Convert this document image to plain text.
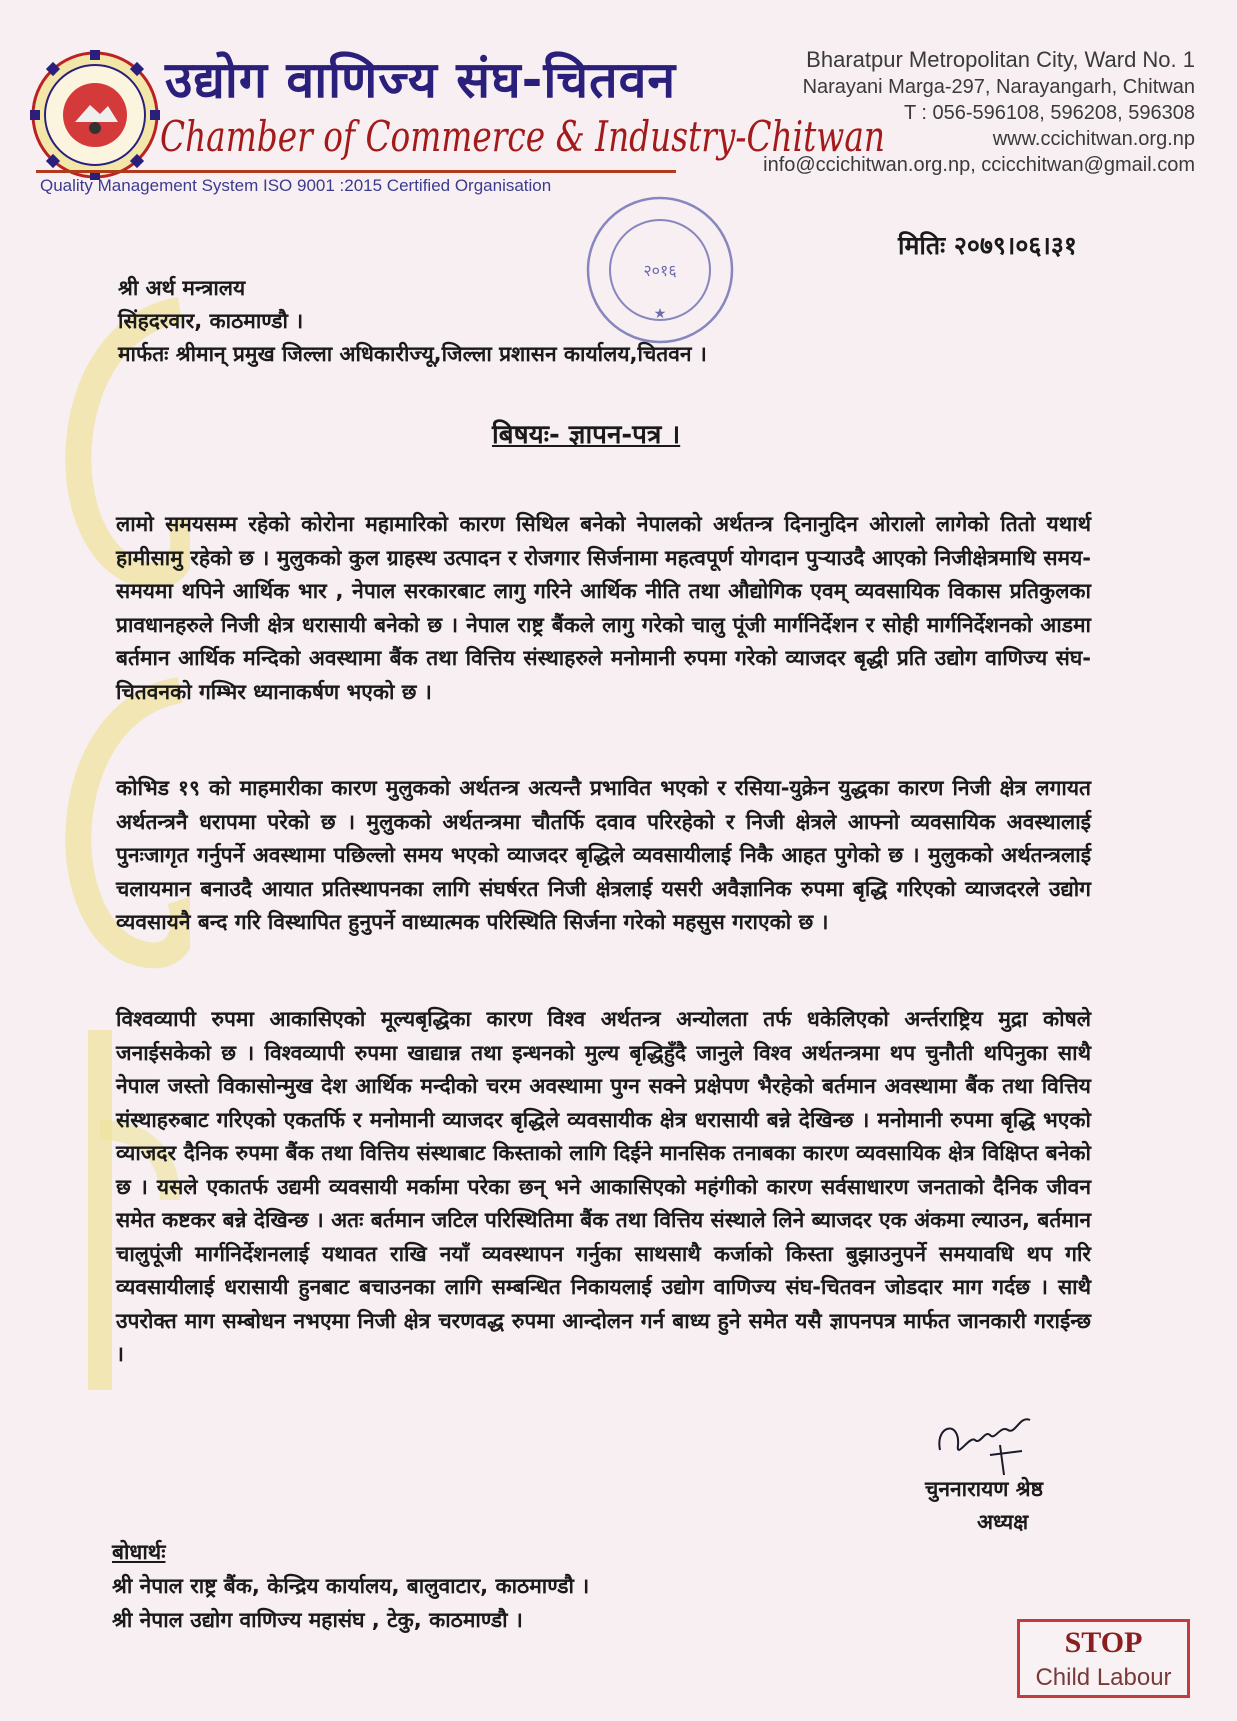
उद्योग वाणिज्य संघ-चितवन
Chamber of Commerce & Industry-Chitwan
Quality Management System ISO 9001 :2015 Certified Organisation
Bharatpur Metropolitan City, Ward No. 1
Narayani Marga-297, Narayangarh, Chitwan
T : 056-596108, 596208, 596308
www.ccichitwan.org.np
info@ccichitwan.org.np, ccicchitwan@gmail.com
२०१६
★
मितिः २०७९।०६।३१
श्री अर्थ मन्त्रालय
सिंहदरवार, काठमाण्डौ ।
मार्फतः श्रीमान् प्रमुख जिल्ला अधिकारीज्यू,जिल्ला प्रशासन कार्यालय,चितवन ।
बिषयः- ज्ञापन-पत्र ।
लामो समयसम्म रहेको कोरोना महामारिको कारण सिथिल बनेको नेपालको अर्थतन्त्र दिनानुदिन ओरालो लागेको तितो यथार्थ हामीसामु रहेको छ । मुलुकको कुल ग्राहस्थ उत्पादन र रोजगार सिर्जनामा महत्वपूर्ण योगदान पुऱ्याउदै आएको निजीक्षेत्रमाथि समय-समयमा थपिने आर्थिक भार , नेपाल सरकारबाट लागु गरिने आर्थिक नीति तथा औद्योगिक एवम् व्यवसायिक विकास प्रतिकुलका प्रावधानहरुले निजी क्षेत्र धरासायी बनेको छ । नेपाल राष्ट्र बैंकले लागु गरेको चालु पूंजी मार्गनिर्देशन र सोही मार्गनिर्देशनको आडमा बर्तमान आर्थिक मन्दिको अवस्थामा बैंक तथा वित्तिय संस्थाहरुले मनोमानी रुपमा गरेको व्याजदर बृद्धी प्रति उद्योग वाणिज्य संघ- चितवनको गम्भिर ध्यानाकर्षण भएको छ ।
कोभिड १९ को माहमारीका कारण मुलुकको अर्थतन्त्र अत्यन्तै प्रभावित भएको र रसिया-युक्रेन युद्धका कारण निजी क्षेत्र लगायत अर्थतन्त्रनै धरापमा परेको छ । मुलुकको अर्थतन्त्रमा चौतर्फि दवाव परिरहेको र निजी क्षेत्रले आफ्नो व्यवसायिक अवस्थालाई पुनःजागृत गर्नुपर्ने अवस्थामा पछिल्लो समय भएको व्याजदर बृद्धिले व्यवसायीलाई निकै आहत पुगेको छ । मुलुकको अर्थतन्त्रलाई चलायमान बनाउदै आयात प्रतिस्थापनका लागि संघर्षरत निजी क्षेत्रलाई यसरी अवैज्ञानिक रुपमा बृद्धि गरिएको व्याजदरले उद्योग व्यवसायनै बन्द गरि विस्थापित हुनुपर्ने वाध्यात्मक परिस्थिति सिर्जना गरेको महसुस गराएको छ ।
विश्वव्यापी रुपमा आकासिएको मूल्यबृद्धिका कारण विश्व अर्थतन्त्र अन्योलता तर्फ धकेलिएको अर्न्तराष्ट्रिय मुद्रा कोषले जनाईसकेको छ । विश्वव्यापी रुपमा खाद्यान्न तथा इन्धनको मुल्य बृद्धिहुँदै जानुले विश्व अर्थतन्त्रमा थप चुनौती थपिनुका साथै नेपाल जस्तो विकासोन्मुख देश आर्थिक मन्दीको चरम अवस्थामा पुग्न सक्ने प्रक्षेपण भैरहेको बर्तमान अवस्थामा बैंक तथा वित्तिय संस्थाहरुबाट गरिएको एकतर्फि र मनोमानी व्याजदर बृद्धिले व्यवसायीक क्षेत्र धरासायी बन्ने देखिन्छ । मनोमानी रुपमा बृद्धि भएको व्याजदर दैनिक रुपमा बैंक तथा वित्तिय संस्थाबाट किस्ताको लागि दिईने मानसिक तनाबका कारण व्यवसायिक क्षेत्र विक्षिप्त बनेको छ । यसले एकातर्फ उद्यमी व्यवसायी मर्कामा परेका छन् भने आकासिएको महंगीको कारण सर्वसाधारण जनताको दैनिक जीवन समेत कष्टकर बन्ने देखिन्छ । अतः बर्तमान जटिल परिस्थितिमा बैंक तथा वित्तिय संस्थाले लिने ब्याजदर एक अंकमा ल्याउन, बर्तमान चालुपूंजी मार्गनिर्देशनलाई यथावत राखि नयाँ व्यवस्थापन गर्नुका साथसाथै कर्जाको किस्ता बुझाउनुपर्ने समयावधि थप गरि व्यवसायीलाई धरासायी हुनबाट बचाउनका लागि सम्बन्धित निकायलाई उद्योग वाणिज्य संघ-चितवन जोडदार माग गर्दछ । साथै उपरोक्त माग सम्बोधन नभएमा निजी क्षेत्र चरणवद्ध रुपमा आन्दोलन गर्न बाध्य हुने समेत यसै ज्ञापनपत्र मार्फत जानकारी गराईन्छ ।
चुननारायण श्रेष्ठ
अध्यक्ष
बोधार्थः
श्री नेपाल राष्ट्र बैंक, केन्द्रिय कार्यालय, बालुवाटार, काठमाण्डौ ।
श्री नेपाल उद्योग वाणिज्य महासंघ , टेकु, काठमाण्डौ ।
STOP
Child Labour
